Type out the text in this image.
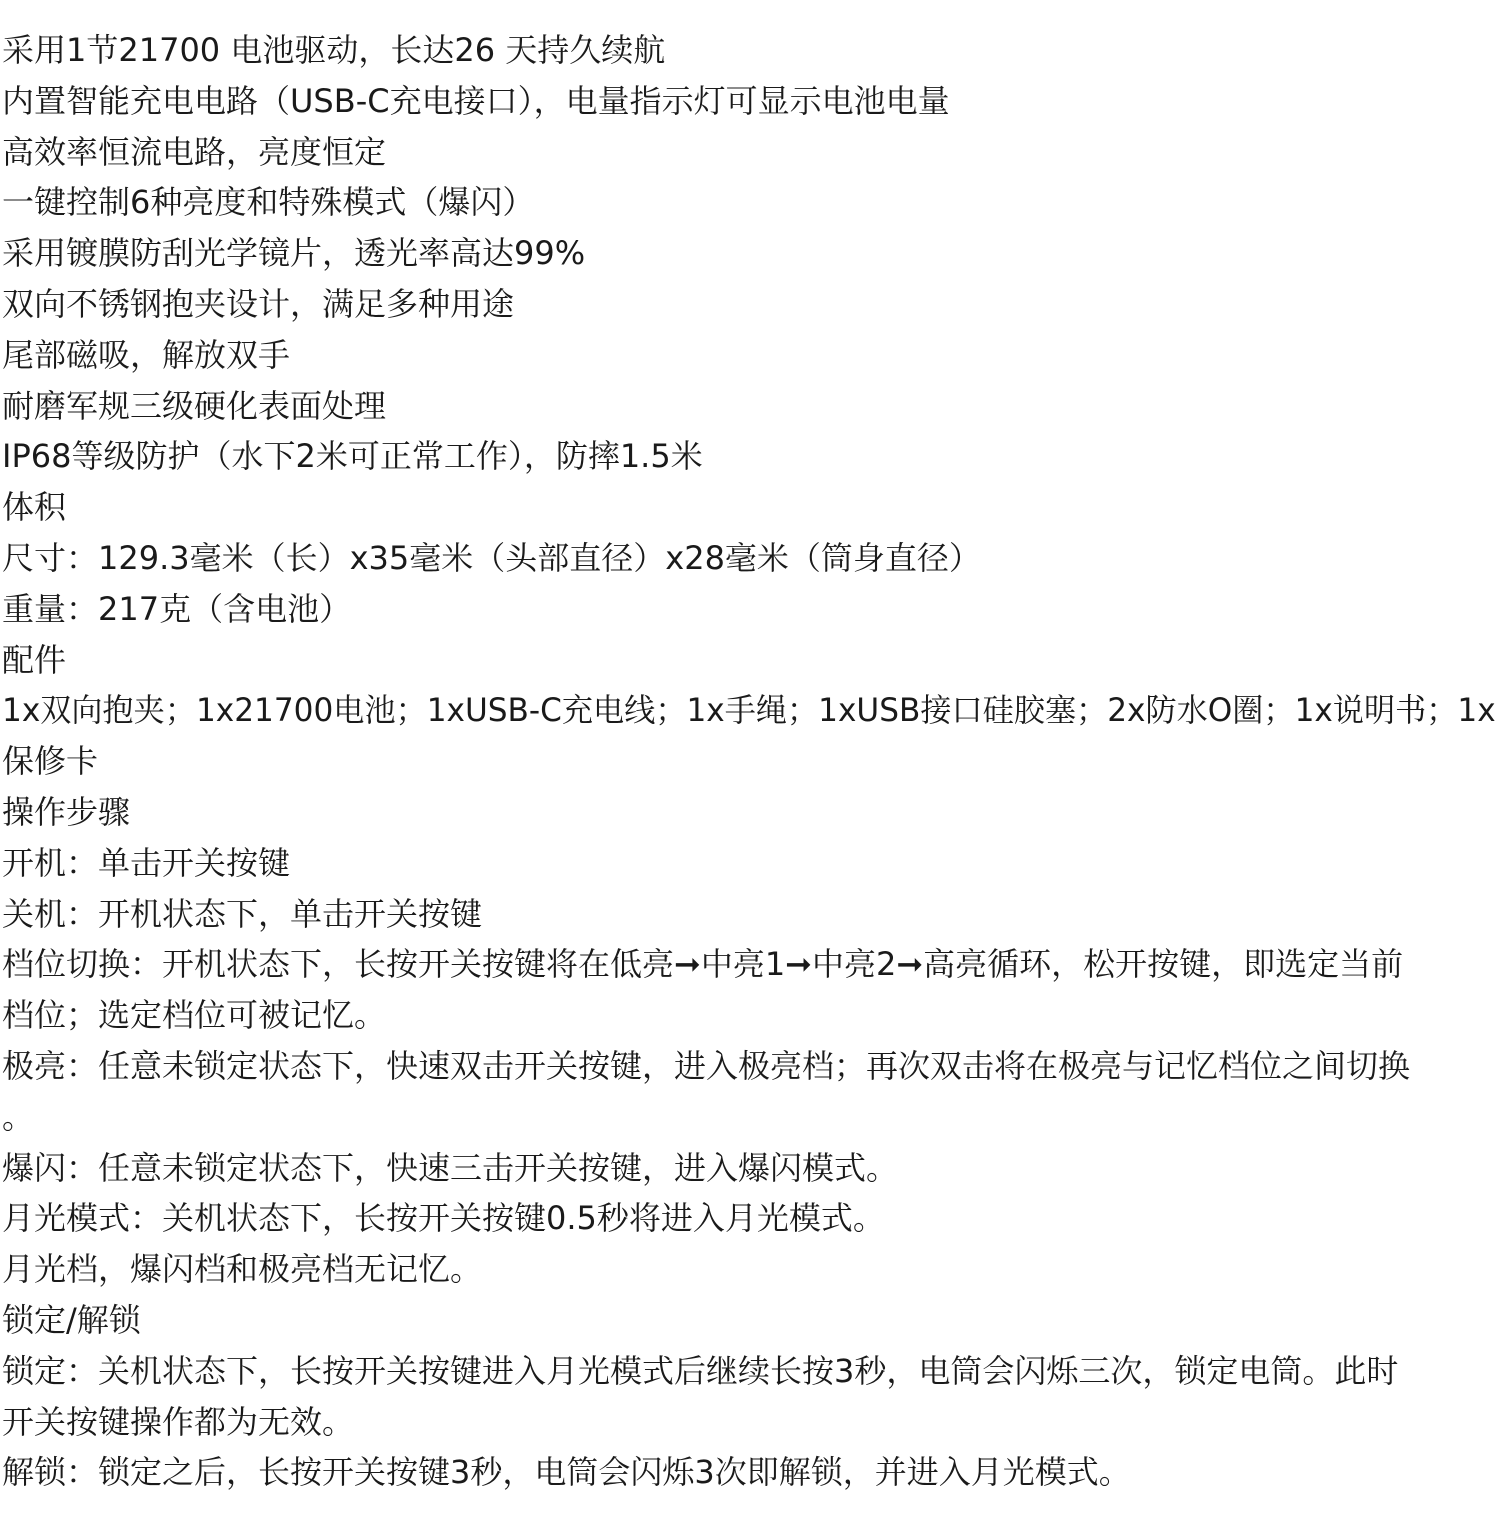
采用1节21700 电池驱动，长达26 天持久续航
内置智能充电电路（USB-C充电接口），电量指示灯可显示电池电量
高效率恒流电路，亮度恒定
一键控制6种亮度和特殊模式（爆闪）
采用镀膜防刮光学镜片，透光率高达99%
双向不锈钢抱夹设计，满足多种用途
尾部磁吸，解放双手
耐磨军规三级硬化表面处理
IP68等级防护（水下2米可正常工作），防摔1.5米
体积
尺寸：129.3毫米（长）x35毫米（头部直径）x28毫米（筒身直径）
重量：217克（含电池）
配件
1x双向抱夹；1x21700电池；1xUSB-C充电线；1x手绳；1xUSB接口硅胶塞；2x防水O圈；1x说明书；1x
保修卡
操作步骤
开机：单击开关按键
关机：开机状态下，单击开关按键
档位切换：开机状态下，长按开关按键将在低亮➞中亮1➞中亮2➞高亮循环，松开按键，即选定当前
档位；选定档位可被记忆。
极亮：任意未锁定状态下，快速双击开关按键，进入极亮档；再次双击将在极亮与记忆档位之间切换
。
爆闪：任意未锁定状态下，快速三击开关按键，进入爆闪模式。
月光模式：关机状态下，长按开关按键0.5秒将进入月光模式。
月光档，爆闪档和极亮档无记忆。
锁定/解锁
锁定：关机状态下，长按开关按键进入月光模式后继续长按3秒，电筒会闪烁三次，锁定电筒。此时
开关按键操作都为无效。
解锁：锁定之后，长按开关按键3秒，电筒会闪烁3次即解锁，并进入月光模式。
